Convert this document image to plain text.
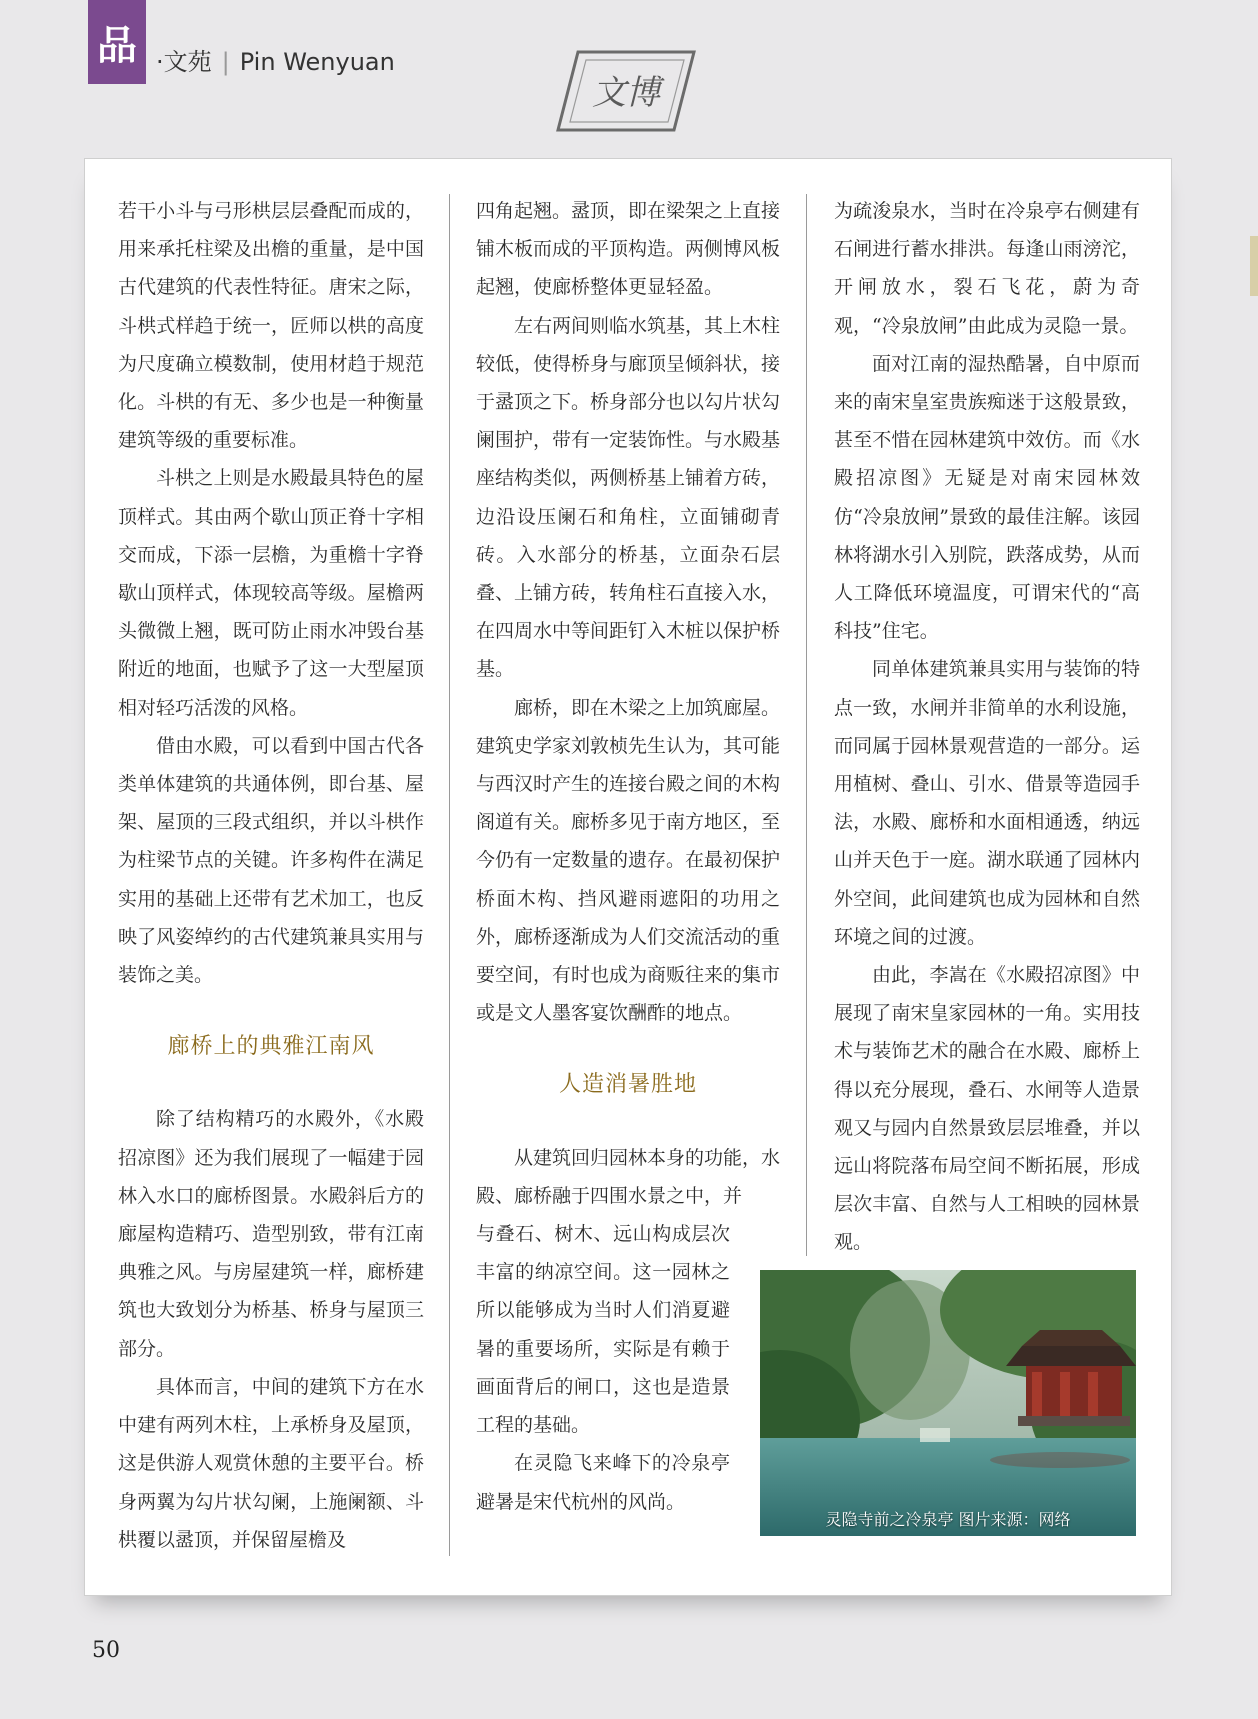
品 ·文苑 | Pin Wenyuan
文博

若干小斗与弓形栱层层叠配而成的，用来承托柱梁及出檐的重量，是中国古代建筑的代表性特征。唐宋之际，斗栱式样趋于统一，匠师以栱的高度为尺度确立模数制，使用材趋于规范化。斗栱的有无、多少也是一种衡量建筑等级的重要标准。

斗栱之上则是水殿最具特色的屋顶样式。其由两个歇山顶正脊十字相交而成，下添一层檐，为重檐十字脊歇山顶样式，体现较高等级。屋檐两头微微上翘，既可防止雨水冲毁台基附近的地面，也赋予了这一大型屋顶相对轻巧活泼的风格。

借由水殿，可以看到中国古代各类单体建筑的共通体例，即台基、屋架、屋顶的三段式组织，并以斗栱作为柱梁节点的关键。许多构件在满足实用的基础上还带有艺术加工，也反映了风姿绰约的古代建筑兼具实用与装饰之美。

廊桥上的典雅江南风

除了结构精巧的水殿外，《水殿招凉图》还为我们展现了一幅建于园林入水口的廊桥图景。水殿斜后方的廊屋构造精巧、造型别致，带有江南典雅之风。与房屋建筑一样，廊桥建筑也大致划分为桥基、桥身与屋顶三部分。

具体而言，中间的建筑下方在水中建有两列木柱，上承桥身及屋顶，这是供游人观赏休憩的主要平台。桥身两翼为勾片状勾阑，上施阑额、斗栱覆以盝顶，并保留屋檐及

四角起翘。盝顶，即在梁架之上直接铺木板而成的平顶构造。两侧博风板起翘，使廊桥整体更显轻盈。

左右两间则临水筑基，其上木柱较低，使得桥身与廊顶呈倾斜状，接于盝顶之下。桥身部分也以勾片状勾阑围护，带有一定装饰性。与水殿基座结构类似，两侧桥基上铺着方砖，边沿设压阑石和角柱，立面铺砌青砖。入水部分的桥基，立面杂石层叠、上铺方砖，转角柱石直接入水，在四周水中等间距钉入木桩以保护桥基。

廊桥，即在木梁之上加筑廊屋。建筑史学家刘敦桢先生认为，其可能与西汉时产生的连接台殿之间的木构阁道有关。廊桥多见于南方地区，至今仍有一定数量的遗存。在最初保护桥面木构、挡风避雨遮阳的功用之外，廊桥逐渐成为人们交流活动的重要空间，有时也成为商贩往来的集市或是文人墨客宴饮酬酢的地点。

人造消暑胜地

从建筑回归园林本身的功能，水殿、廊桥融于四围水景之中，并

与叠石、树木、远山构成层次丰富的纳凉空间。这一园林之所以能够成为当时人们消夏避暑的重要场所，实际是有赖于画面背后的闸口，这也是造景工程的基础。

在灵隐飞来峰下的冷泉亭避暑是宋代杭州的风尚。

为疏浚泉水，当时在冷泉亭右侧建有石闸进行蓄水排洪。每逢山雨滂沱，开闸放水，裂石飞花，蔚为奇观，“冷泉放闸”由此成为灵隐一景。

面对江南的湿热酷暑，自中原而来的南宋皇室贵族痴迷于这般景致，甚至不惜在园林建筑中效仿。而《水殿招凉图》无疑是对南宋园林效仿“冷泉放闸”景致的最佳注解。该园林将湖水引入别院，跌落成势，从而人工降低环境温度，可谓宋代的“高科技”住宅。

同单体建筑兼具实用与装饰的特点一致，水闸并非简单的水利设施，而同属于园林景观营造的一部分。运用植树、叠山、引水、借景等造园手法，水殿、廊桥和水面相通透，纳远山并天色于一庭。湖水联通了园林内外空间，此间建筑也成为园林和自然环境之间的过渡。

由此，李嵩在《水殿招凉图》中展现了南宋皇家园林的一角。实用技术与装饰艺术的融合在水殿、廊桥上得以充分展现，叠石、水闸等人造景观又与园内自然景致层层堆叠，并以远山将院落布局空间不断拓展，形成层次丰富、自然与人工相映的园林景观。

灵隐寺前之冷泉亭 图片来源：网络
50
